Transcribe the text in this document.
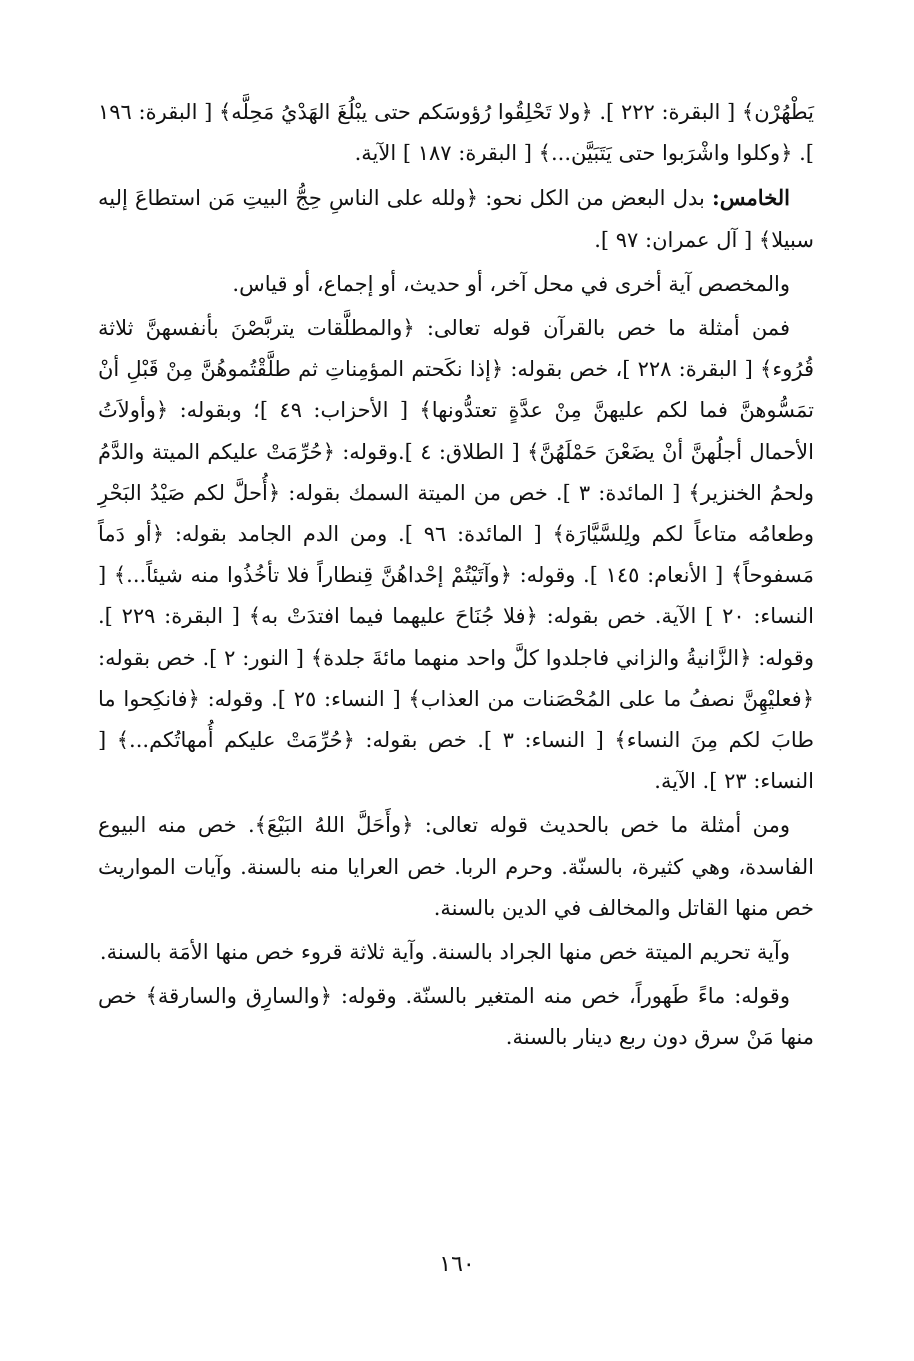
يَطْهُرْن﴾ [ البقرة: ٢٢٢ ]. ﴿ولا تَحْلِقُوا رُؤوسَكم حتى يبْلُغَ الهَدْيُ مَحِلَّه﴾ [ البقرة: ١٩٦ ]. ﴿وكلوا واشْرَبوا حتى يَتَبَيَّن...﴾ [ البقرة: ١٨٧ ] الآية.

الخامس: بدل البعض من الكل نحو: ﴿ولله على الناسِ حِجُّ البيتِ مَن استطاعَ إليه سبيلا﴾ [ آل عمران: ٩٧ ].

والمخصص آية أخرى في محل آخر، أو حديث، أو إجماع، أو قياس.

فمن أمثلة ما خص بالقرآن قوله تعالى: ﴿والمطلَّقات يتربَّصْنَ بأنفسهنَّ ثلاثة قُرُوء﴾ [ البقرة: ٢٢٨ ]، خص بقوله: ﴿إذا نكَحتم المؤمِناتِ ثم طلَّقْتُموهُنَّ مِنْ قَبْلِ أنْ تمَسُّوهنَّ فما لكم عليهنَّ مِنْ عدَّةٍ تعتدُّونها﴾ [ الأحزاب: ٤٩ ]؛ وبقوله: ﴿وأولاَتُ الأحمال أجلُهنَّ أنْ يضَعْنَ حَمْلَهُنَّ﴾ [ الطلاق: ٤ ].وقوله: ﴿حُرِّمَتْ عليكم الميتة والدَّمُ ولحمُ الخنزير﴾ [ المائدة: ٣ ]. خص من الميتة السمك بقوله: ﴿أُحلَّ لكم صَيْدُ البَحْرِ وطعامُه متاعاً لكم ولِلسَّيَّارَة﴾ [ المائدة: ٩٦ ]. ومن الدم الجامد بقوله: ﴿أو دَماً مَسفوحاً﴾ [ الأنعام: ١٤٥ ]. وقوله: ﴿وآتَيْتُمْ إحْداهُنَّ قِنطاراً فلا تأخُذُوا منه شيئاً...﴾ [ النساء: ٢٠ ] الآية. خص بقوله: ﴿فلا جُنَاحَ عليهما فيما افتدَتْ به﴾ [ البقرة: ٢٢٩ ]. وقوله: ﴿الزَّانيةُ والزاني فاجلدوا كلَّ واحد منهما مائةَ جلدة﴾ [ النور: ٢ ]. خص بقوله: ﴿فعليْهِنَّ نصفُ ما على المُحْصَنات من العذاب﴾ [ النساء: ٢٥ ]. وقوله: ﴿فانكِحوا ما طابَ لكم مِنَ النساء﴾ [ النساء: ٣ ]. خص بقوله: ﴿حُرِّمَتْ عليكم أُمهاتُكم...﴾ [ النساء: ٢٣ ]. الآية.

ومن أمثلة ما خص بالحديث قوله تعالى: ﴿وأَحَلَّ اللهُ البَيْعَ﴾. خص منه البيوع الفاسدة، وهي كثيرة، بالسنّة. وحرم الربا. خص العرايا منه بالسنة. وآيات المواريث خص منها القاتل والمخالف في الدين بالسنة.

وآية تحريم الميتة خص منها الجراد بالسنة. وآية ثلاثة قروء خص منها الأمَة بالسنة.

وقوله: ماءً طَهوراً، خص منه المتغير بالسنّة. وقوله: ﴿والسارِق والسارقة﴾ خص منها مَنْ سرق دون ربع دينار بالسنة.

١٦٠
